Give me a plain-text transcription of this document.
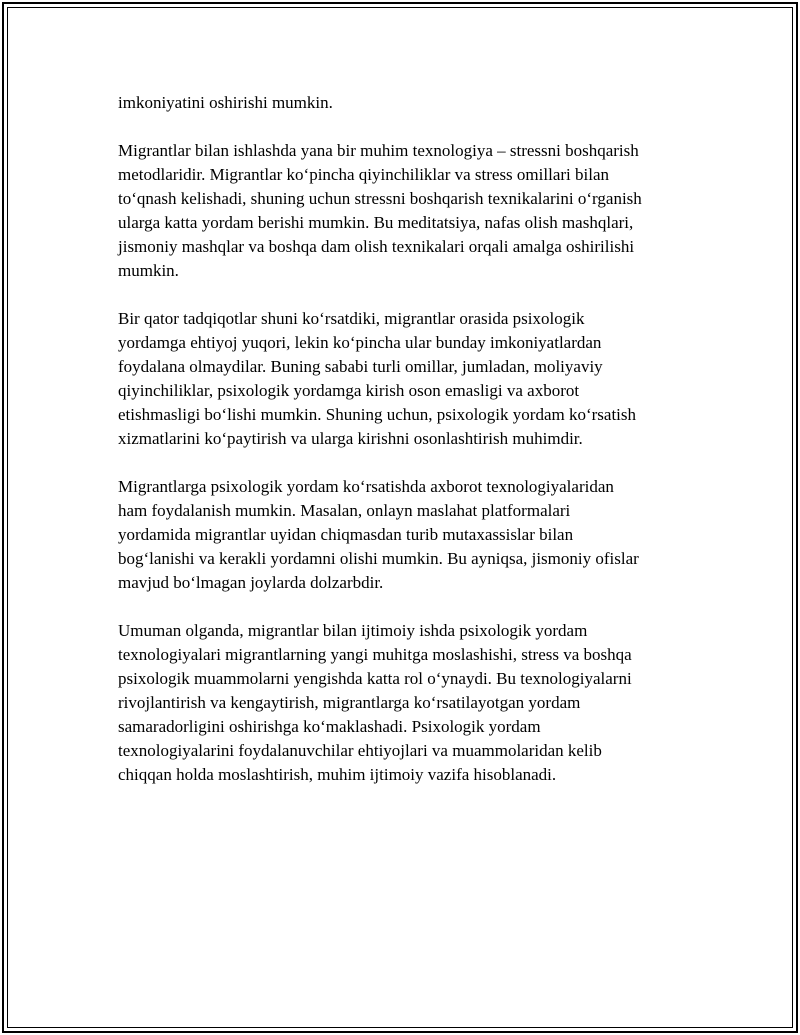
imkoniyatini oshirishi mumkin.

Migrantlar bilan ishlashda yana bir muhim texnologiya – stressni boshqarish
metodlaridir. Migrantlar koʻpincha qiyinchiliklar va stress omillari bilan
toʻqnash kelishadi, shuning uchun stressni boshqarish texnikalarini oʻrganish
ularga katta yordam berishi mumkin. Bu meditatsiya, nafas olish mashqlari,
jismoniy mashqlar va boshqa dam olish texnikalari orqali amalga oshirilishi
mumkin.

Bir qator tadqiqotlar shuni koʻrsatdiki, migrantlar orasida psixologik
yordamga ehtiyoj yuqori, lekin koʻpincha ular bunday imkoniyatlardan
foydalana olmaydilar. Buning sababi turli omillar, jumladan, moliyaviy
qiyinchiliklar, psixologik yordamga kirish oson emasligi va axborot
etishmasligi boʻlishi mumkin. Shuning uchun, psixologik yordam koʻrsatish
xizmatlarini koʻpaytirish va ularga kirishni osonlashtirish muhimdir.

Migrantlarga psixologik yordam koʻrsatishda axborot texnologiyalaridan
ham foydalanish mumkin. Masalan, onlayn maslahat platformalari
yordamida migrantlar uyidan chiqmasdan turib mutaxassislar bilan
bogʻlanishi va kerakli yordamni olishi mumkin. Bu ayniqsa, jismoniy ofislar
mavjud boʻlmagan joylarda dolzarbdir.

Umuman olganda, migrantlar bilan ijtimoiy ishda psixologik yordam
texnologiyalari migrantlarning yangi muhitga moslashishi, stress va boshqa
psixologik muammolarni yengishda katta rol oʻynaydi. Bu texnologiyalarni
rivojlantirish va kengaytirish, migrantlarga koʻrsatilayotgan yordam
samaradorligini oshirishga koʻmaklashadi. Psixologik yordam
texnologiyalarini foydalanuvchilar ehtiyojlari va muammolaridan kelib
chiqqan holda moslashtirish, muhim ijtimoiy vazifa hisoblanadi.
